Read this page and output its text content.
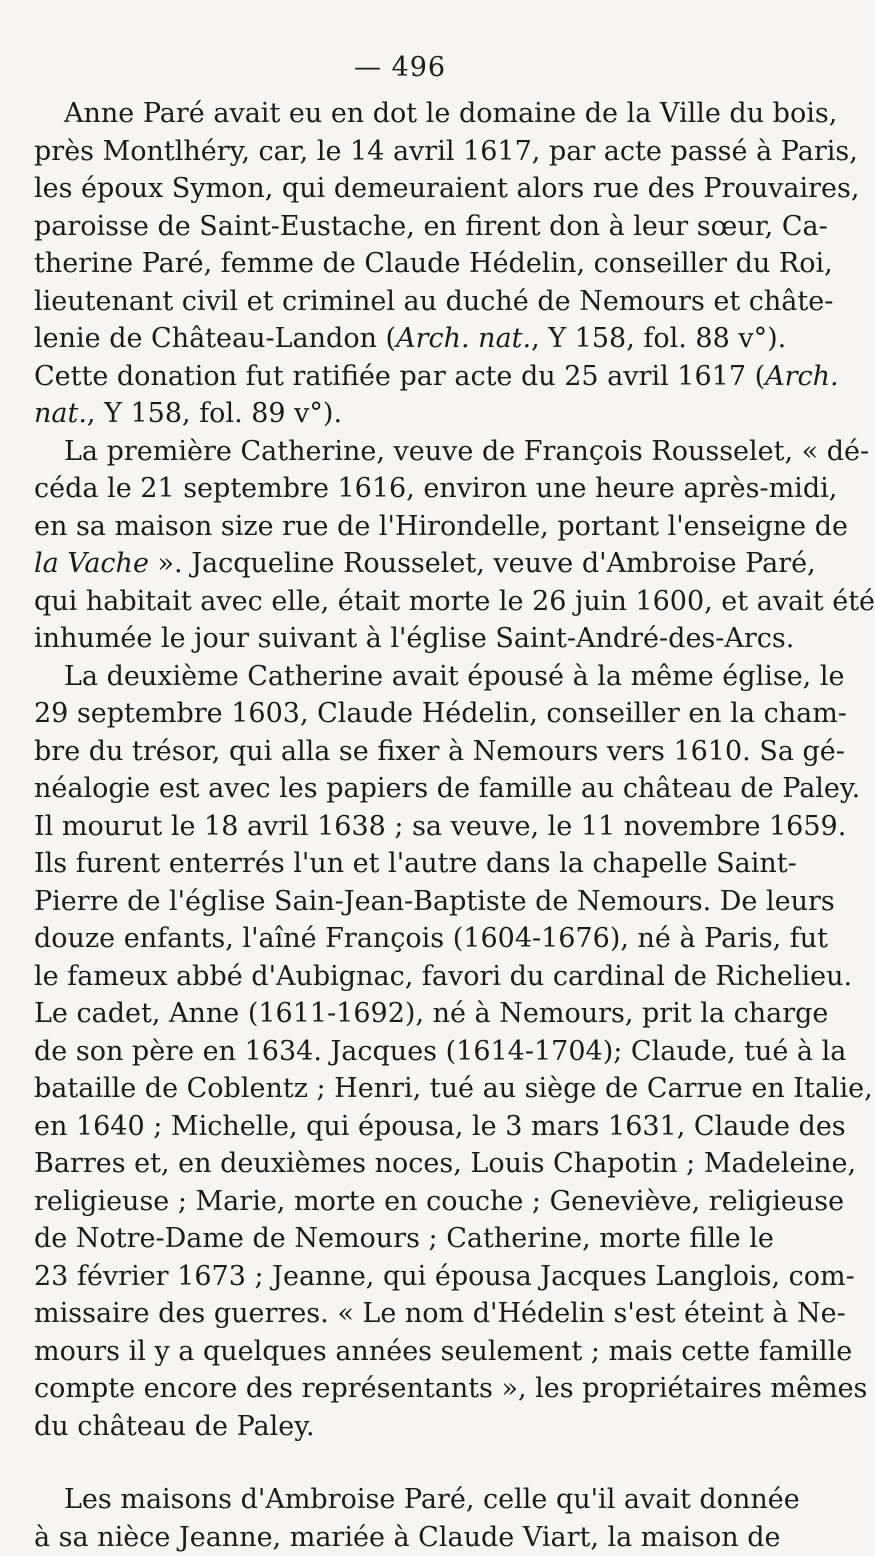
— 496
Anne Paré avait eu en dot le domaine de la Ville du bois,
près Montlhéry, car, le 14 avril 1617, par acte passé à Paris,
les époux Symon, qui demeuraient alors rue des Prouvaires,
paroisse de Saint-Eustache, en firent don à leur sœur, Ca-
therine Paré, femme de Claude Hédelin, conseiller du Roi,
lieutenant civil et criminel au duché de Nemours et châte-
lenie de Château-Landon (Arch. nat., Y 158, fol. 88 v°).
Cette donation fut ratifiée par acte du 25 avril 1617 (Arch.
nat., Y 158, fol. 89 v°).
La première Catherine, veuve de François Rousselet, « dé-
céda le 21 septembre 1616, environ une heure après-midi,
en sa maison size rue de l'Hirondelle, portant l'enseigne de
la Vache ». Jacqueline Rousselet, veuve d'Ambroise Paré,
qui habitait avec elle, était morte le 26 juin 1600, et avait été
inhumée le jour suivant à l'église Saint-André-des-Arcs.
La deuxième Catherine avait épousé à la même église, le
29 septembre 1603, Claude Hédelin, conseiller en la cham-
bre du trésor, qui alla se fixer à Nemours vers 1610. Sa gé-
néalogie est avec les papiers de famille au château de Paley.
Il mourut le 18 avril 1638 ; sa veuve, le 11 novembre 1659.
Ils furent enterrés l'un et l'autre dans la chapelle Saint-
Pierre de l'église Sain-Jean-Baptiste de Nemours. De leurs
douze enfants, l'aîné François (1604-1676), né à Paris, fut
le fameux abbé d'Aubignac, favori du cardinal de Richelieu.
Le cadet, Anne (1611-1692), né à Nemours, prit la charge
de son père en 1634. Jacques (1614-1704); Claude, tué à la
bataille de Coblentz ; Henri, tué au siège de Carrue en Italie,
en 1640 ; Michelle, qui épousa, le 3 mars 1631, Claude des
Barres et, en deuxièmes noces, Louis Chapotin ; Madeleine,
religieuse ; Marie, morte en couche ; Geneviève, religieuse
de Notre-Dame de Nemours ; Catherine, morte fille le
23 février 1673 ; Jeanne, qui épousa Jacques Langlois, com-
missaire des guerres. « Le nom d'Hédelin s'est éteint à Ne-
mours il y a quelques années seulement ; mais cette famille
compte encore des représentants », les propriétaires mêmes
du château de Paley.
Les maisons d'Ambroise Paré, celle qu'il avait donnée
à sa nièce Jeanne, mariée à Claude Viart, la maison de
